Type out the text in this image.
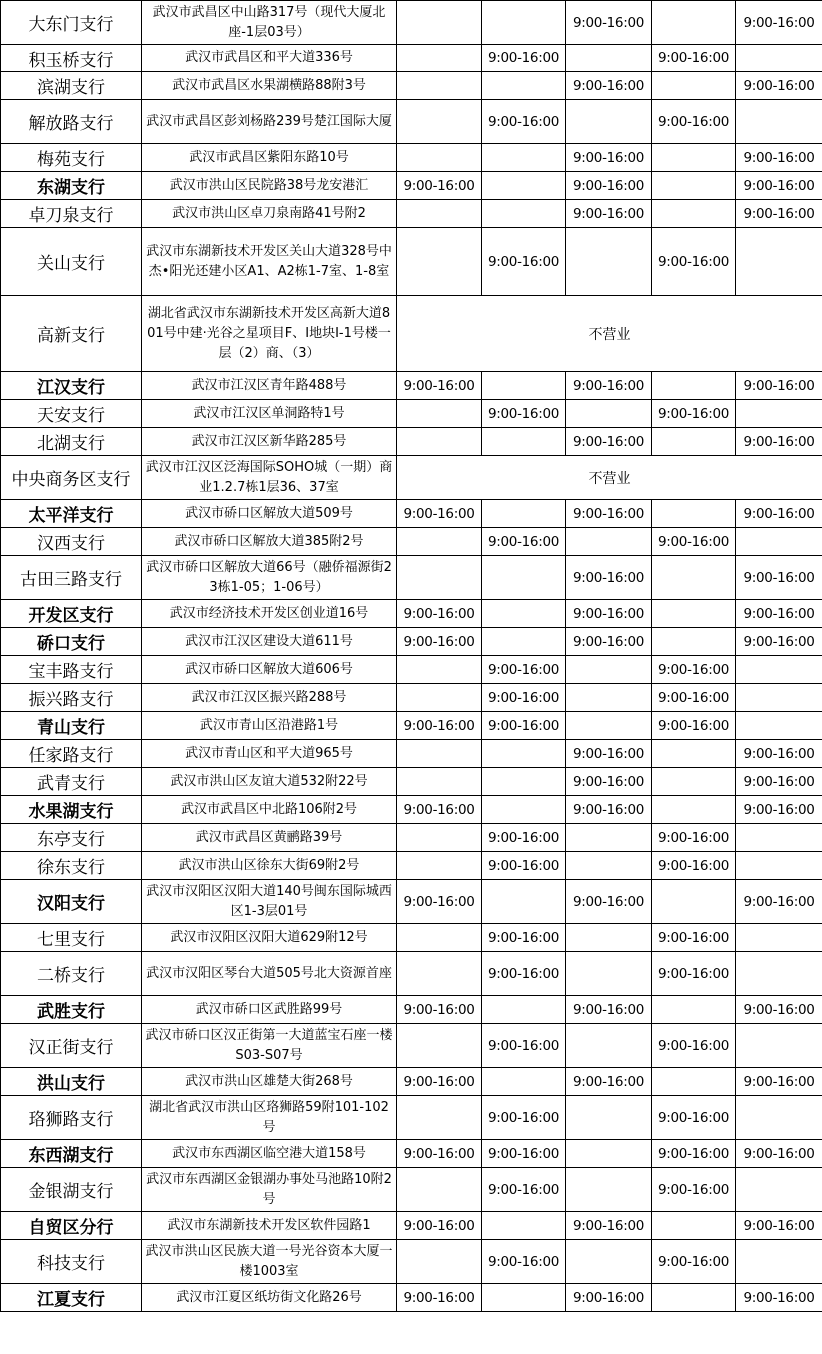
大东门支行	武汉市武昌区中山路317号（现代大厦北座-1层03号）			9:00-16:00		9:00-16:00
积玉桥支行	武汉市武昌区和平大道336号		9:00-16:00		9:00-16:00	
滨湖支行	武汉市武昌区水果湖横路88附3号			9:00-16:00		9:00-16:00
解放路支行	武汉市武昌区彭刘杨路239号楚江国际大厦		9:00-16:00		9:00-16:00	
梅苑支行	武汉市武昌区紫阳东路10号			9:00-16:00		9:00-16:00
东湖支行	武汉市洪山区民院路38号龙安港汇	9:00-16:00		9:00-16:00		9:00-16:00
卓刀泉支行	武汉市洪山区卓刀泉南路41号附2			9:00-16:00		9:00-16:00
关山支行	武汉市东湖新技术开发区关山大道328号中杰•阳光还建小区A1、A2栋1-7室、1-8室		9:00-16:00		9:00-16:00	
高新支行	湖北省武汉市东湖新技术开发区高新大道801号中建·光谷之星项目F、I地块I-1号楼一层（2）商、（3）	不营业				
江汉支行	武汉市江汉区青年路488号	9:00-16:00		9:00-16:00		9:00-16:00
天安支行	武汉市江汉区单洞路特1号		9:00-16:00		9:00-16:00	
北湖支行	武汉市江汉区新华路285号			9:00-16:00		9:00-16:00
中央商务区支行	武汉市江汉区泛海国际SOHO城（一期）商业1.2.7栋1层36、37室	不营业				
太平洋支行	武汉市硚口区解放大道509号	9:00-16:00		9:00-16:00		9:00-16:00
汉西支行	武汉市硚口区解放大道385附2号		9:00-16:00		9:00-16:00	
古田三路支行	武汉市硚口区解放大道66号（融侨福源街23栋1-05；1-06号）			9:00-16:00		9:00-16:00
开发区支行	武汉市经济技术开发区创业道16号	9:00-16:00		9:00-16:00		9:00-16:00
硚口支行	武汉市江汉区建设大道611号	9:00-16:00		9:00-16:00		9:00-16:00
宝丰路支行	武汉市硚口区解放大道606号		9:00-16:00		9:00-16:00	
振兴路支行	武汉市江汉区振兴路288号		9:00-16:00		9:00-16:00	
青山支行	武汉市青山区沿港路1号	9:00-16:00	9:00-16:00		9:00-16:00	
任家路支行	武汉市青山区和平大道965号			9:00-16:00		9:00-16:00
武青支行	武汉市洪山区友谊大道532附22号			9:00-16:00		9:00-16:00
水果湖支行	武汉市武昌区中北路106附2号	9:00-16:00		9:00-16:00		9:00-16:00
东亭支行	武汉市武昌区黄鹂路39号		9:00-16:00		9:00-16:00	
徐东支行	武汉市洪山区徐东大街69附2号		9:00-16:00		9:00-16:00	
汉阳支行	武汉市汉阳区汉阳大道140号闽东国际城西区1-3层01号	9:00-16:00		9:00-16:00		9:00-16:00
七里支行	武汉市汉阳区汉阳大道629附12号		9:00-16:00		9:00-16:00	
二桥支行	武汉市汉阳区琴台大道505号北大资源首座		9:00-16:00		9:00-16:00	
武胜支行	武汉市硚口区武胜路99号	9:00-16:00		9:00-16:00		9:00-16:00
汉正街支行	武汉市硚口区汉正街第一大道蓝宝石座一楼S03-S07号		9:00-16:00		9:00-16:00	
洪山支行	武汉市洪山区雄楚大街268号	9:00-16:00		9:00-16:00		9:00-16:00
珞狮路支行	湖北省武汉市洪山区珞狮路59附101-102号		9:00-16:00		9:00-16:00	
东西湖支行	武汉市东西湖区临空港大道158号	9:00-16:00	9:00-16:00		9:00-16:00	9:00-16:00
金银湖支行	武汉市东西湖区金银湖办事处马池路10附2号		9:00-16:00		9:00-16:00	
自贸区分行	武汉市东湖新技术开发区软件园路1	9:00-16:00		9:00-16:00		9:00-16:00
科技支行	武汉市洪山区民族大道一号光谷资本大厦一楼1003室		9:00-16:00		9:00-16:00	
江夏支行	武汉市江夏区纸坊街文化路26号	9:00-16:00		9:00-16:00		9:00-16:00
